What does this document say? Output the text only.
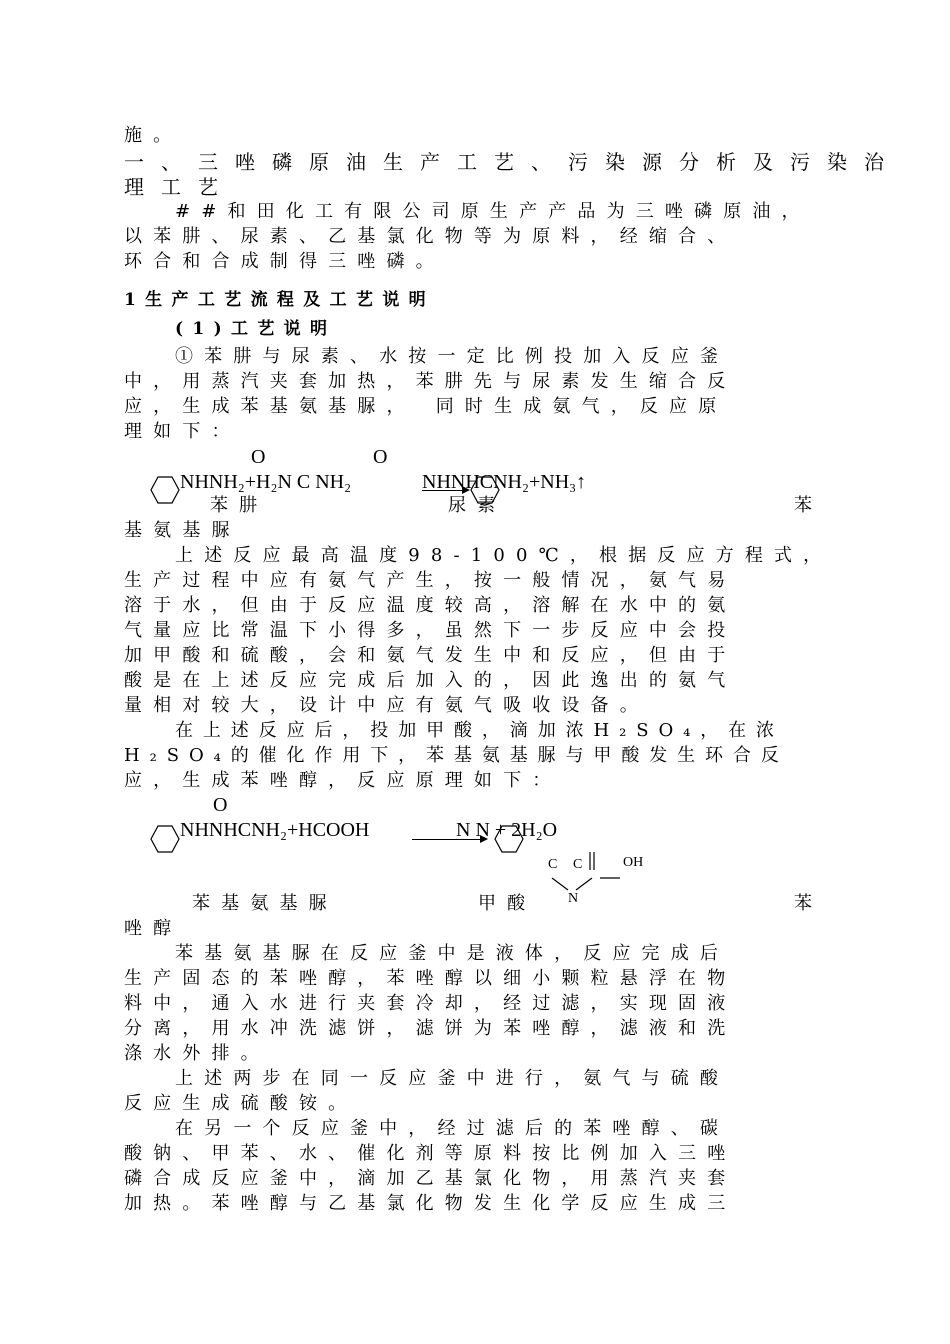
施。
一、三唑磷原油生产工艺、污染源分析及污染治
理工艺
##和田化工有限公司原生产产品为三唑磷原油，
以苯肼、尿素、乙基氯化物等为原料，经缩合、
环合和合成制得三唑磷。
1生产工艺流程及工艺说明
(1)工艺说明
①苯肼与尿素、水按一定比例投加入反应釜
中，用蒸汽夹套加热，苯肼先与尿素发生缩合反
应，生成苯基氨基脲，　同时生成氨气，反应原
理如下：
O	O
NHNH₂+H₂N C NH₂	NHNHCNH₂+NH₃↑
苯肼	尿素	苯
基氨基脲
上述反应最高温度98-100℃，根据反应方程式，
生产过程中应有氨气产生，按一般情况，氨气易
溶于水，但由于反应温度较高，溶解在水中的氨
气量应比常温下小得多，虽然下一步反应中会投
加甲酸和硫酸，会和氨气发生中和反应，但由于
酸是在上述反应完成后加入的，因此逸出的氨气
量相对较大，设计中应有氨气吸收设备。
在上述反应后，投加甲酸，滴加浓H₂SO₄，在浓
H₂SO₄的催化作用下，苯基氨基脲与甲酸发生环合反
应，生成苯唑醇，反应原理如下：
O
NHNHCNH₂+HCOOH	N N + 2H₂O
C C	OH
N
苯基氨基脲	甲酸	苯
唑醇
苯基氨基脲在反应釜中是液体，反应完成后
生产固态的苯唑醇，苯唑醇以细小颗粒悬浮在物
料中，通入水进行夹套冷却，经过滤，实现固液
分离，用水冲洗滤饼，滤饼为苯唑醇，滤液和洗
涤水外排。
上述两步在同一反应釜中进行，氨气与硫酸
反应生成硫酸铵。
在另一个反应釜中，经过滤后的苯唑醇、碳
酸钠、甲苯、水、催化剂等原料按比例加入三唑
磷合成反应釜中，滴加乙基氯化物，用蒸汽夹套
加热。苯唑醇与乙基氯化物发生化学反应生成三
